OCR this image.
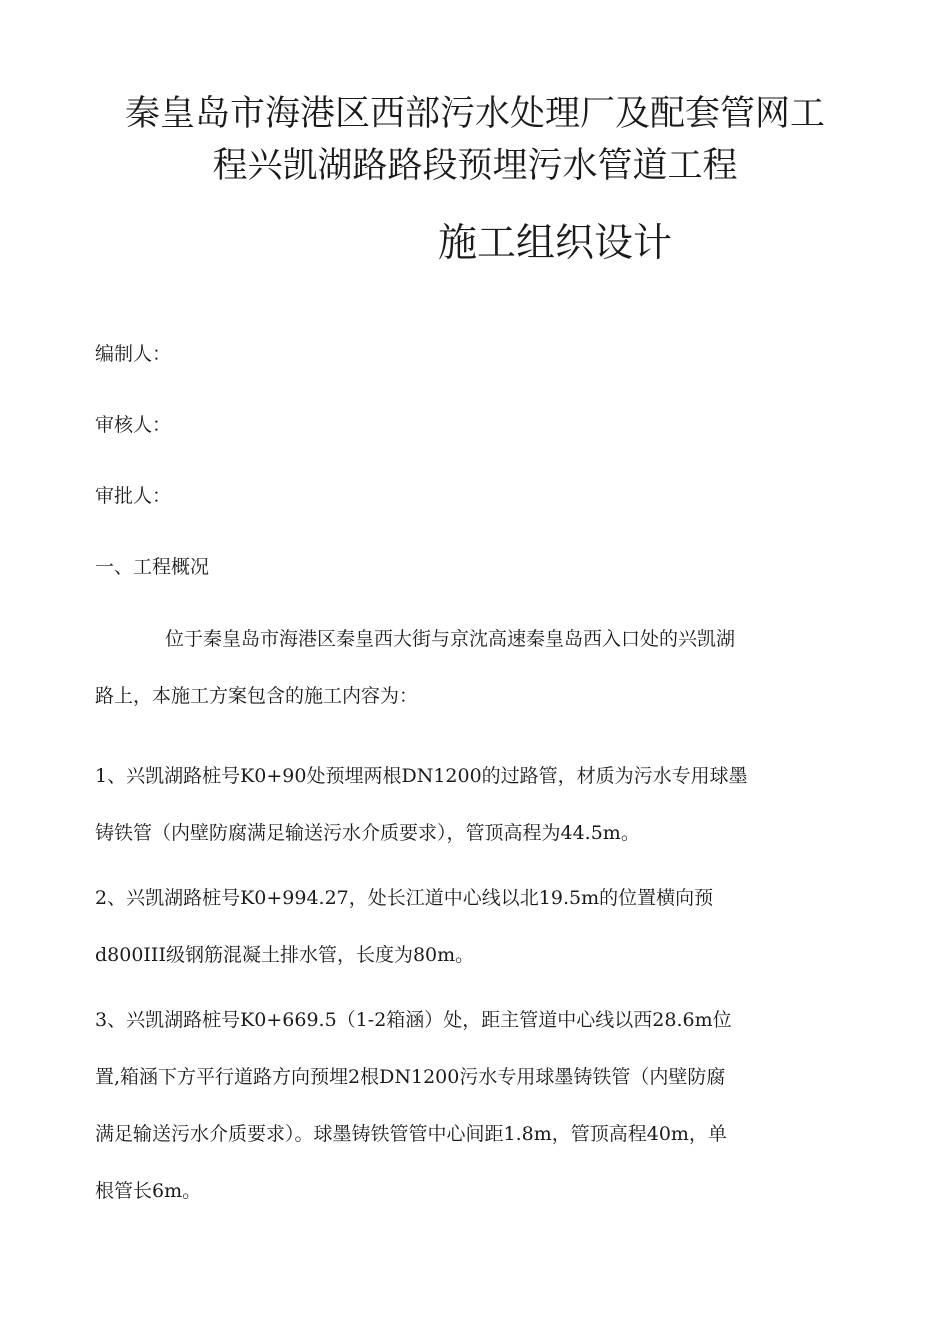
秦皇岛市海港区西部污水处理厂及配套管网工
程兴凯湖路路段预埋污水管道工程
施工组织设计
编制人：
审核人：
审批人：
一、工程概况
位于秦皇岛市海港区秦皇西大街与京沈高速秦皇岛西入口处的兴凯湖
路上，本施工方案包含的施工内容为：
1、兴凯湖路桩号K0+90处预埋两根DN1200的过路管，材质为污水专用球墨
铸铁管（内壁防腐满足输送污水介质要求），管顶高程为44.5m。
2、兴凯湖路桩号K0+994.27，处长江道中心线以北19.5m的位置横向预
d800III级钢筋混凝土排水管，长度为80m。
3、兴凯湖路桩号K0+669.5（1-2箱涵）处，距主管道中心线以西28.6m位
置,箱涵下方平行道路方向预埋2根DN1200污水专用球墨铸铁管（内壁防腐
满足输送污水介质要求）。球墨铸铁管管中心间距1.8m，管顶高程40m，单
根管长6m。
